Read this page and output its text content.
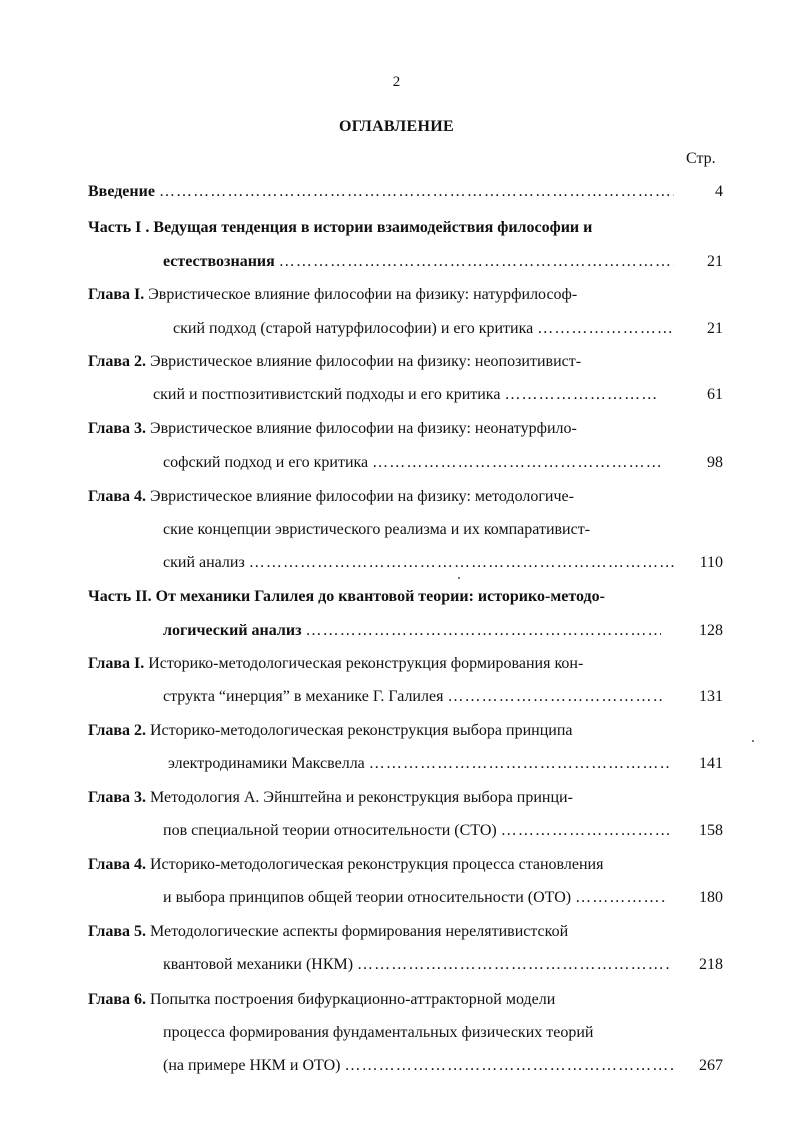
2
ОГЛАВЛЕНИЕ
Стр.
Введение …………………………………………………………………………………………………………………………………………………………………………………………………………	4
Часть I .
Ведущая тенденция в истории взаимодействия философии и
естествознания …………………………………………………………………………………………………………………………………………………………………………………………………………	21
Глава I.
Эвристическое влияние философии на физику: натурфилософ-
ский подход (старой натурфилософии) и его критика …………………………………………………………………………………………………………………………………………………………………………………………………………	21
Глава 2.
Эвристическое влияние философии на физику: неопозитивист-
ский и постпозитивистский подходы и его критика …………………………………………………………………………………………………………………………………………………………………………………………………………	61
Глава 3.
Эвристическое влияние философии на физику: неонатурфило-
софский подход и его критика …………………………………………………………………………………………………………………………………………………………………………………………………………	98
Глава 4.
Эвристическое влияние философии на физику: методологиче-
ские концепции эвристического реализма и их компаративист-
ский анализ …………………………………………………………………………………………………………………………………………………………………………………………………………	110
Часть II.
От механики Галилея до квантовой теории: историко-методо-
логический анализ …………………………………………………………………………………………………………………………………………………………………………………………………………	128
Глава I.
Историко-методологическая реконструкция формирования кон-
структа “инерция” в механике Г. Галилея …………………………………………………………………………………………………………………………………………………………………………………………………………	131
Глава 2.
Историко-методологическая реконструкция выбора принципа
электродинамики Максвелла …………………………………………………………………………………………………………………………………………………………………………………………………………	141
Глава 3.
Методология А. Эйнштейна и реконструкция выбора принци-
пов специальной теории относительности (СТО) …………………………………………………………………………………………………………………………………………………………………………………………………………	158
Глава 4.
Историко-методологическая реконструкция процесса становления
и выбора принципов общей теории относительности (ОТО) …………………………………………………………………………………………………………………………………………………………………………………………………………	180
Глава 5.
Методологические аспекты формирования нерелятивистской
квантовой механики (НКМ) …………………………………………………………………………………………………………………………………………………………………………………………………………	218
Глава 6.
Попытка построения бифуркационно-аттракторной модели
процесса формирования фундаментальных физических теорий
(на примере НКМ и ОТО) …………………………………………………………………………………………………………………………………………………………………………………………………………	267
